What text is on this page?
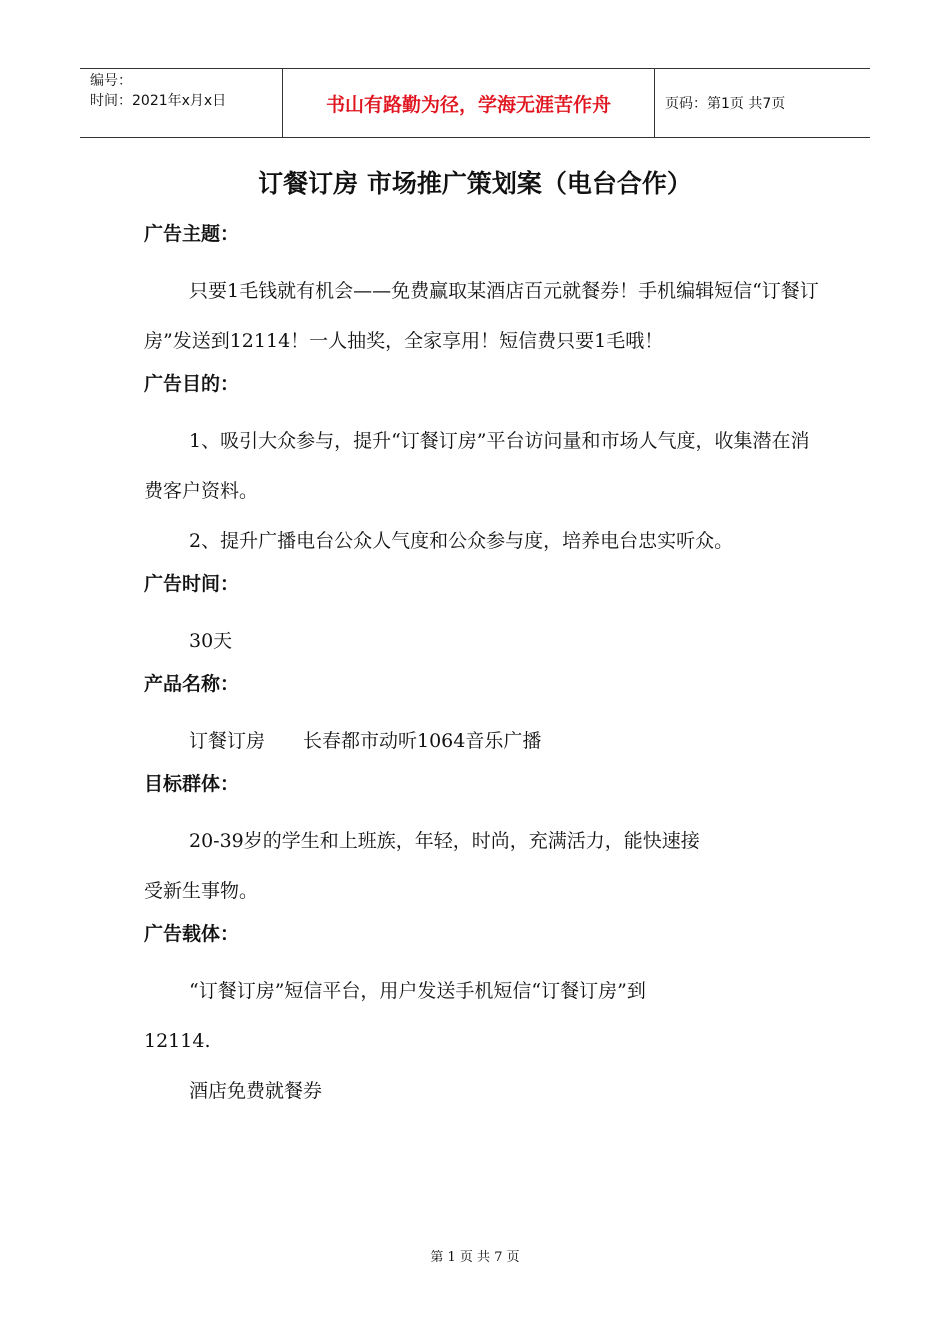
编号：
时间：2021年x月x日	书山有路勤为径，学海无涯苦作舟	页码：第1页 共7页
订餐订房 市场推广策划案（电台合作）

广告主题：

只要1毛钱就有机会——免费赢取某酒店百元就餐券！手机编辑短信“订餐订房”发送到12114！一人抽奖，全家享用！短信费只要1毛哦！

广告目的：

1、吸引大众参与，提升“订餐订房”平台访问量和市场人气度，收集潜在消费客户资料。

2、提升广播电台公众人气度和公众参与度，培养电台忠实听众。

广告时间：

30天

产品名称：

订餐订房　　长春都市动听1064音乐广播

目标群体：

20-39岁的学生和上班族，年轻，时尚，充满活力，能快速接

受新生事物。

广告载体：

“订餐订房”短信平台，用户发送手机短信“订餐订房”到

12114.

酒店免费就餐券

第 1 页 共 7 页
